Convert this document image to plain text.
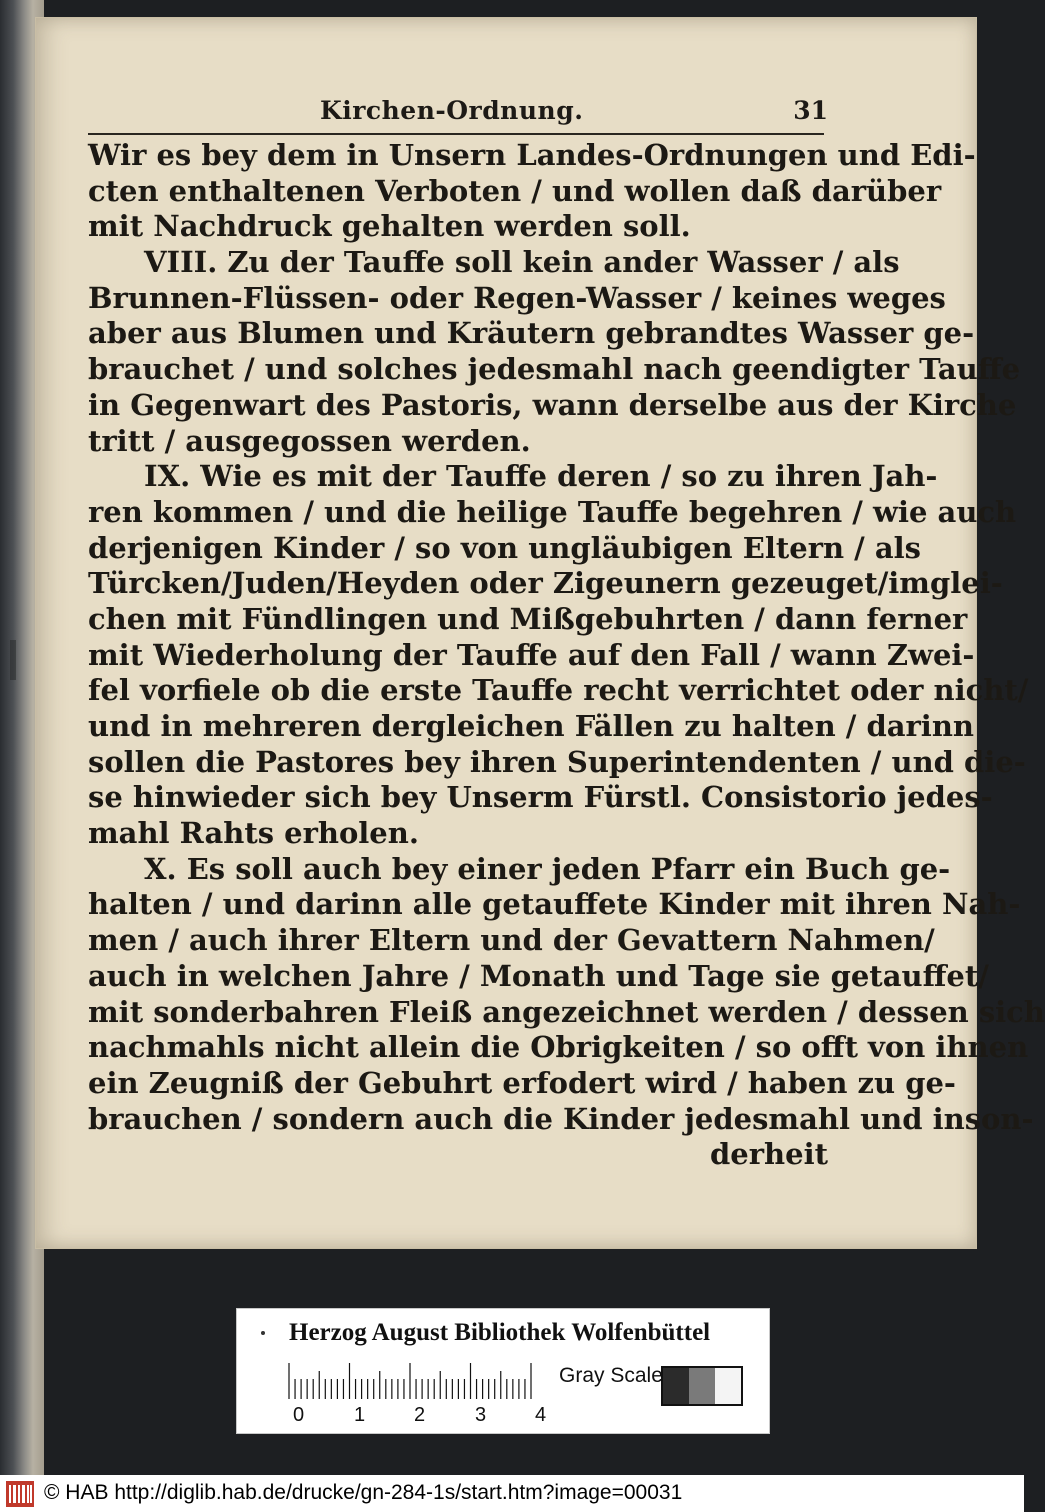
Kirchen-Ordnung.	31
Wir es bey dem in Unsern Landes-Ordnungen und Edi-
cten enthaltenen Verboten / und wollen daß darüber
mit Nachdruck gehalten werden soll.
VIII. Zu der Tauffe soll kein ander Wasser / als
Brunnen-Flüssen- oder Regen-Wasser / keines weges
aber aus Blumen und Kräutern gebrandtes Wasser ge-
brauchet / und solches jedesmahl nach geendigter Tauffe
in Gegenwart des Pastoris, wann derselbe aus der Kirche
tritt / ausgegossen werden.
IX. Wie es mit der Tauffe deren / so zu ihren Jah-
ren kommen / und die heilige Tauffe begehren / wie auch
derjenigen Kinder / so von ungläubigen Eltern / als
Türcken/Juden/Heyden oder Zigeunern gezeuget/imglei-
chen mit Fündlingen und Mißgebuhrten / dann ferner
mit Wiederholung der Tauffe auf den Fall / wann Zwei-
fel vorfiele ob die erste Tauffe recht verrichtet oder nicht/
und in mehreren dergleichen Fällen zu halten / darinn
sollen die Pastores bey ihren Superintendenten / und die-
se hinwieder sich bey Unserm Fürstl. Consistorio jedes-
mahl Rahts erholen.
X. Es soll auch bey einer jeden Pfarr ein Buch ge-
halten / und darinn alle getauffete Kinder mit ihren Nah-
men / auch ihrer Eltern und der Gevattern Nahmen/
auch in welchen Jahre / Monath und Tage sie getauffet/
mit sonderbahren Fleiß angezeichnet werden / dessen sich
nachmahls nicht allein die Obrigkeiten / so offt von ihnen
ein Zeugniß der Gebuhrt erfodert wird / haben zu ge-
brauchen / sondern auch die Kinder jedesmahl und inson-
derheit
Herzog August Bibliothek Wolfenbüttel
0 1 2 3 4
Gray Scale
© HAB http://diglib.hab.de/drucke/gn-284-1s/start.htm?image=00031
